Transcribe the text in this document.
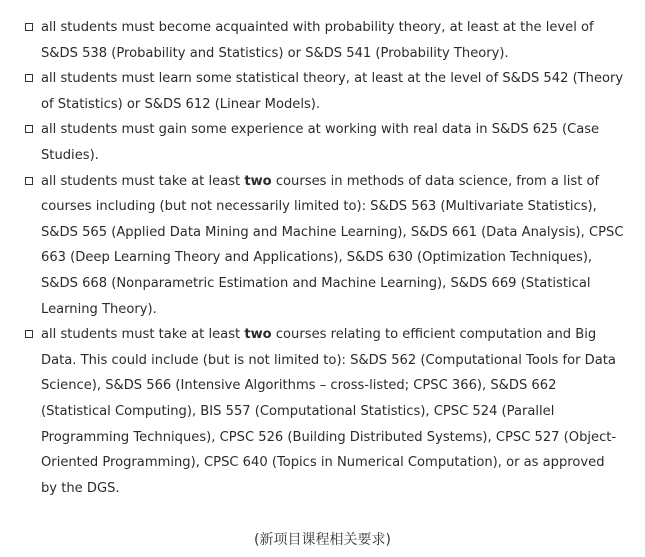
all students must become acquainted with probability theory, at least at the level of
S&DS 538 (Probability and Statistics) or S&DS 541 (Probability Theory).
all students must learn some statistical theory, at least at the level of S&DS 542 (Theory
of Statistics) or S&DS 612 (Linear Models).
all students must gain some experience at working with real data in S&DS 625 (Case
Studies).
all students must take at least two courses in methods of data science, from a list of
courses including (but not necessarily limited to): S&DS 563 (Multivariate Statistics),
S&DS 565 (Applied Data Mining and Machine Learning), S&DS 661 (Data Analysis), CPSC
663 (Deep Learning Theory and Applications), S&DS 630 (Optimization Techniques),
S&DS 668 (Nonparametric Estimation and Machine Learning), S&DS 669 (Statistical
Learning Theory).
all students must take at least two courses relating to efficient computation and Big
Data. This could include (but is not limited to): S&DS 562 (Computational Tools for Data
Science), S&DS 566 (Intensive Algorithms – cross-listed; CPSC 366), S&DS 662
(Statistical Computing), BIS 557 (Computational Statistics), CPSC 524 (Parallel
Programming Techniques), CPSC 526 (Building Distributed Systems), CPSC 527 (Object-
Oriented Programming), CPSC 640 (Topics in Numerical Computation), or as approved
by the DGS.
(新项目课程相关要求)
